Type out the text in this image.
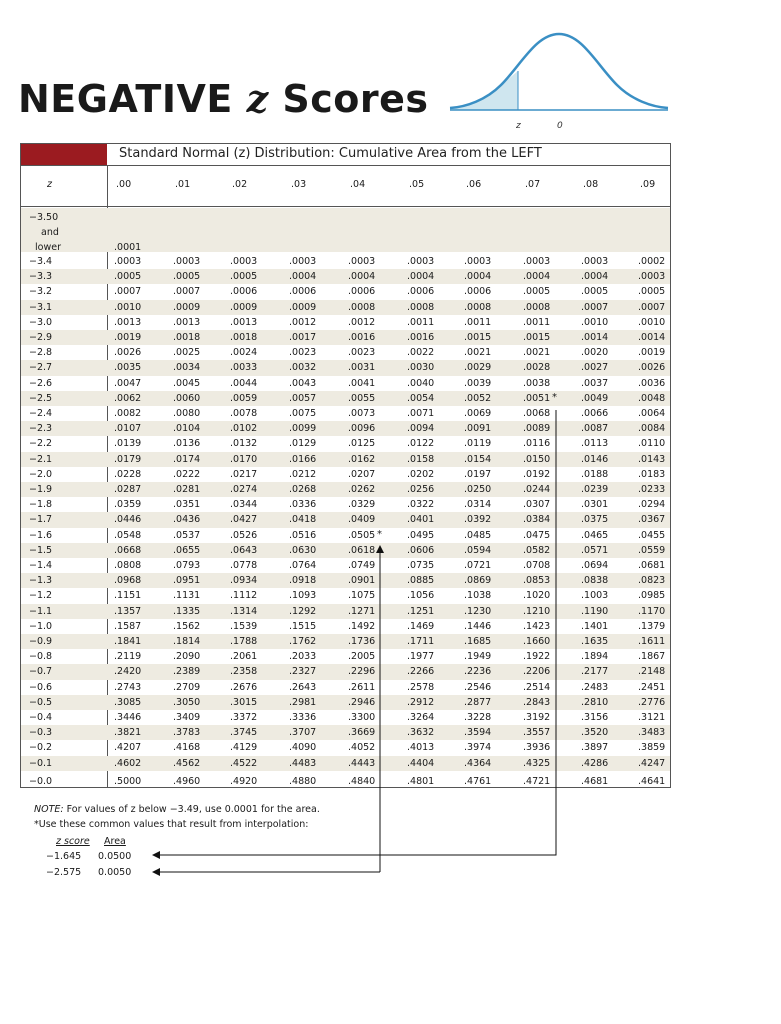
NEGATIVE z Scores
z	0
Standard Normal (z) Distribution: Cumulative Area from the LEFT
z	.00	.01	.02	.03	.04	.05	.06	.07	.08	.09
−3.50
and
lower	.0001
−3.4	.0003	.0003	.0003	.0003	.0003	.0003	.0003	.0003	.0003	.0002
−3.3	.0005	.0005	.0005	.0004	.0004	.0004	.0004	.0004	.0004	.0003
−3.2	.0007	.0007	.0006	.0006	.0006	.0006	.0006	.0005	.0005	.0005
−3.1	.0010	.0009	.0009	.0009	.0008	.0008	.0008	.0008	.0007	.0007
−3.0	.0013	.0013	.0013	.0012	.0012	.0011	.0011	.0011	.0010	.0010
−2.9	.0019	.0018	.0018	.0017	.0016	.0016	.0015	.0015	.0014	.0014
−2.8	.0026	.0025	.0024	.0023	.0023	.0022	.0021	.0021	.0020	.0019
−2.7	.0035	.0034	.0033	.0032	.0031	.0030	.0029	.0028	.0027	.0026
−2.6	.0047	.0045	.0044	.0043	.0041	.0040	.0039	.0038	.0037	.0036
−2.5	.0062	.0060	.0059	.0057	.0055	.0054	.0052	.0051	.0049	.0048
−2.4	.0082	.0080	.0078	.0075	.0073	.0071	.0069	.0068	.0066	.0064
−2.3	.0107	.0104	.0102	.0099	.0096	.0094	.0091	.0089	.0087	.0084
−2.2	.0139	.0136	.0132	.0129	.0125	.0122	.0119	.0116	.0113	.0110
−2.1	.0179	.0174	.0170	.0166	.0162	.0158	.0154	.0150	.0146	.0143
−2.0	.0228	.0222	.0217	.0212	.0207	.0202	.0197	.0192	.0188	.0183
−1.9	.0287	.0281	.0274	.0268	.0262	.0256	.0250	.0244	.0239	.0233
−1.8	.0359	.0351	.0344	.0336	.0329	.0322	.0314	.0307	.0301	.0294
−1.7	.0446	.0436	.0427	.0418	.0409	.0401	.0392	.0384	.0375	.0367
−1.6	.0548	.0537	.0526	.0516	.0505	.0495	.0485	.0475	.0465	.0455
−1.5	.0668	.0655	.0643	.0630	.0618	.0606	.0594	.0582	.0571	.0559
−1.4	.0808	.0793	.0778	.0764	.0749	.0735	.0721	.0708	.0694	.0681
−1.3	.0968	.0951	.0934	.0918	.0901	.0885	.0869	.0853	.0838	.0823
−1.2	.1151	.1131	.1112	.1093	.1075	.1056	.1038	.1020	.1003	.0985
−1.1	.1357	.1335	.1314	.1292	.1271	.1251	.1230	.1210	.1190	.1170
−1.0	.1587	.1562	.1539	.1515	.1492	.1469	.1446	.1423	.1401	.1379
−0.9	.1841	.1814	.1788	.1762	.1736	.1711	.1685	.1660	.1635	.1611
−0.8	.2119	.2090	.2061	.2033	.2005	.1977	.1949	.1922	.1894	.1867
−0.7	.2420	.2389	.2358	.2327	.2296	.2266	.2236	.2206	.2177	.2148
−0.6	.2743	.2709	.2676	.2643	.2611	.2578	.2546	.2514	.2483	.2451
−0.5	.3085	.3050	.3015	.2981	.2946	.2912	.2877	.2843	.2810	.2776
−0.4	.3446	.3409	.3372	.3336	.3300	.3264	.3228	.3192	.3156	.3121
−0.3	.3821	.3783	.3745	.3707	.3669	.3632	.3594	.3557	.3520	.3483
−0.2	.4207	.4168	.4129	.4090	.4052	.4013	.3974	.3936	.3897	.3859
−0.1	.4602	.4562	.4522	.4483	.4443	.4404	.4364	.4325	.4286	.4247
−0.0	.5000	.4960	.4920	.4880	.4840	.4801	.4761	.4721	.4681	.4641
*
*
NOTE: For values of z below −3.49, use 0.0001 for the area.
*Use these common values that result from interpolation:
z score Area
−1.645 0.0500
−2.575 0.0050
